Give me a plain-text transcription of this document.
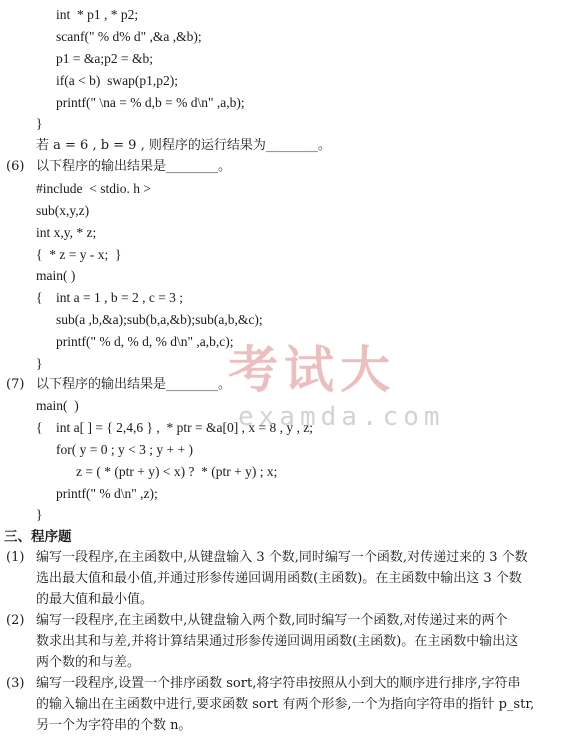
int  * p1 , * p2;
scanf(" % d% d" ,&a ,&b);
p1 = &a;p2 = &b;
if(a < b)  swap(p1,p2);
printf(" \na = % d,b = % d\n" ,a,b);
}
若 a = 6 , b = 9 , 则程序的运行结果为________。
(6) 以下程序的输出结果是________。
#include  < stdio. h >
sub(x,y,z)
int x,y, * z;
{  * z = y - x;  }
main( )
{    int a = 1 , b = 2 , c = 3 ;
sub(a ,b,&a);sub(b,a,&b);sub(a,b,&c);
printf(" % d, % d, % d\n" ,a,b,c);
}
(7) 以下程序的输出结果是________。
main(  )
{    int a[ ] = { 2,4,6 } ,  * ptr = &a[0] , x = 8 , y , z;
for( y = 0 ; y < 3 ; y + + )
z = ( * (ptr + y) < x) ?  * (ptr + y) ; x;
printf(" % d\n" ,z);
}
三、程序题
(1) 编写一段程序,在主函数中,从键盘输入 3 个数,同时编写一个函数,对传递过来的 3 个数
选出最大值和最小值,并通过形参传递回调用函数(主函数)。在主函数中输出这 3 个数
的最大值和最小值。
(2) 编写一段程序,在主函数中,从键盘输入两个数,同时编写一个函数,对传递过来的两个
数求出其和与差,并将计算结果通过形参传递回调用函数(主函数)。在主函数中输出这
两个数的和与差。
(3) 编写一段程序,设置一个排序函数 sort,将字符串按照从小到大的顺序进行排序,字符串
的输入输出在主函数中进行,要求函数 sort 有两个形参,一个为指向字符串的指针 p_str,
另一个为字符串的个数 n。
考试大
examda.com
